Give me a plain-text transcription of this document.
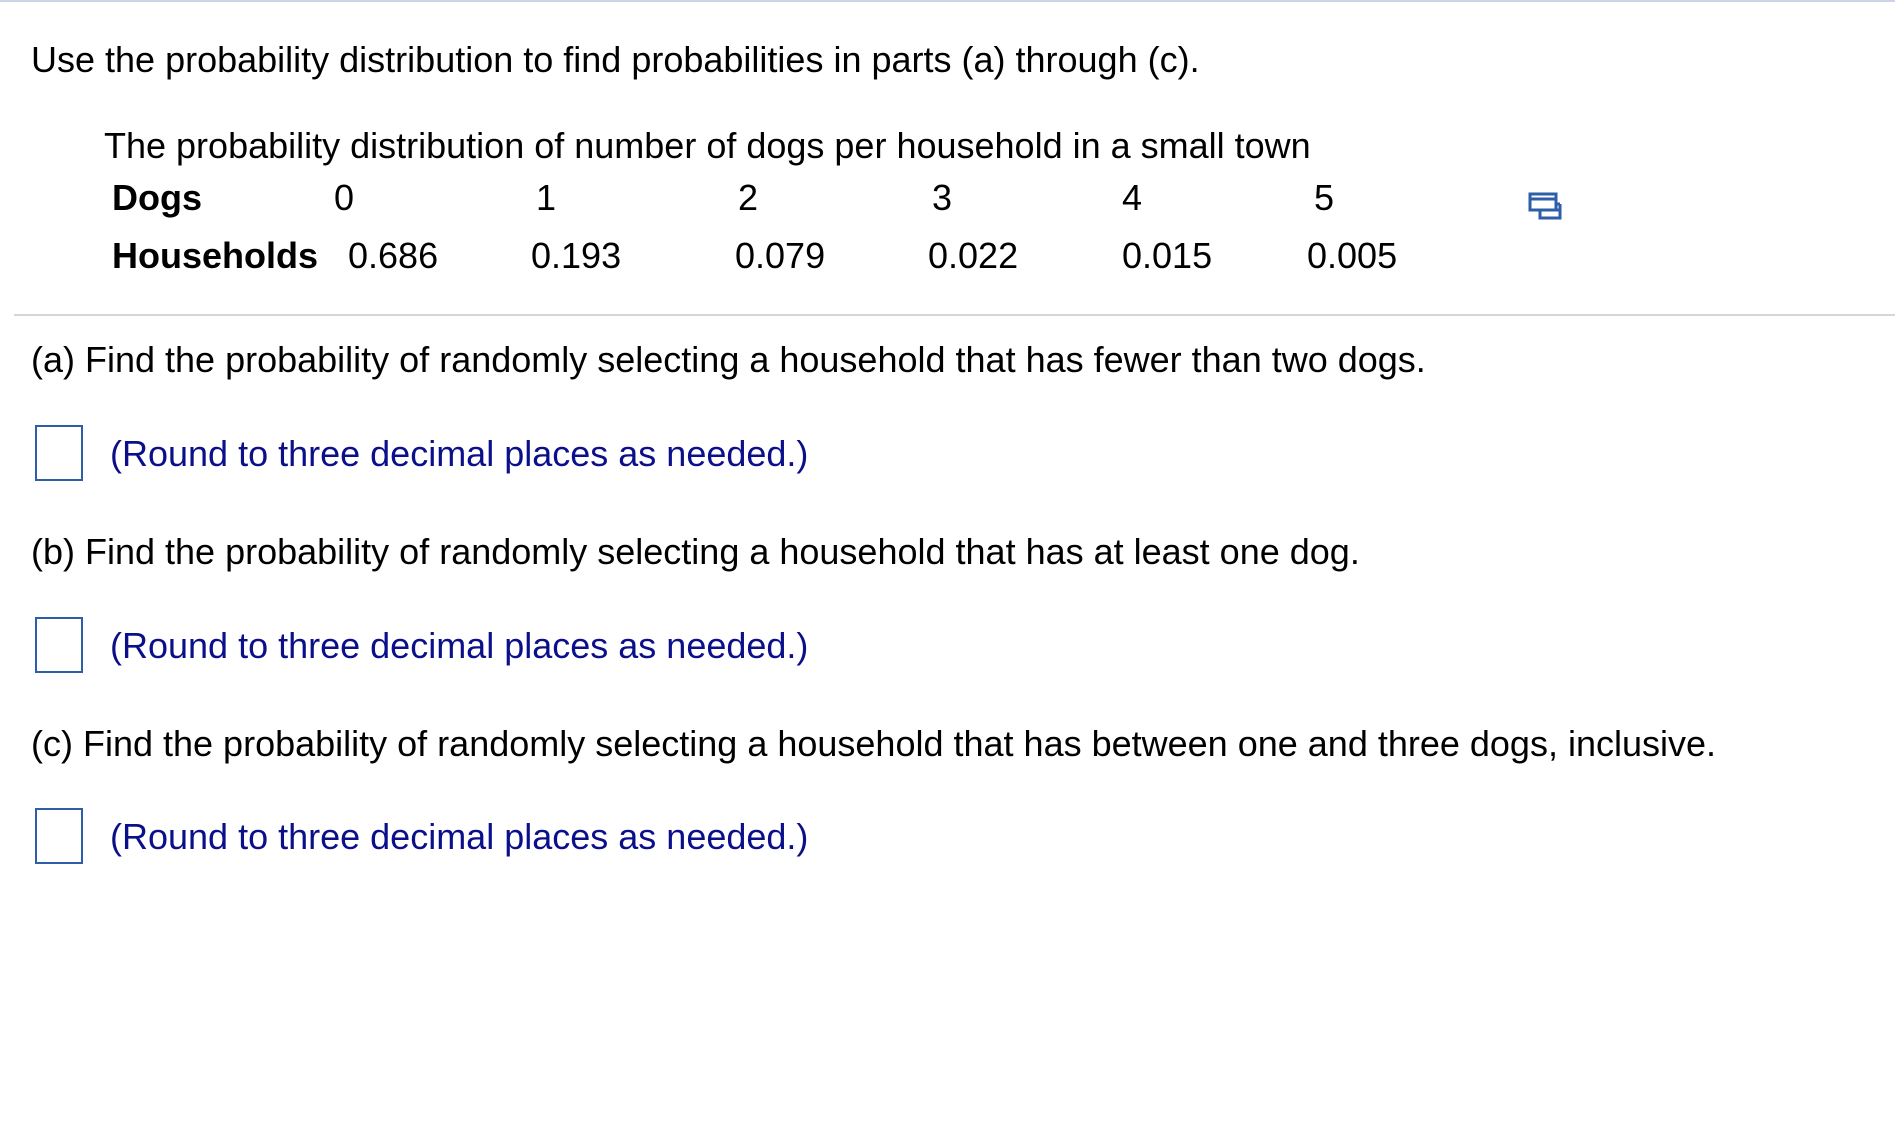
Use the probability distribution to find probabilities in parts (a) through (c).
The probability distribution of number of dogs per household in a small town
Dogs	0	1	2	3	4	5
Households 0.686	0.193	0.079	0.022	0.015	0.005
(a) Find the probability of randomly selecting a household that has fewer than two dogs.
(Round to three decimal places as needed.)
(b) Find the probability of randomly selecting a household that has at least one dog.
(Round to three decimal places as needed.)
(c) Find the probability of randomly selecting a household that has between one and three dogs, inclusive.
(Round to three decimal places as needed.)
